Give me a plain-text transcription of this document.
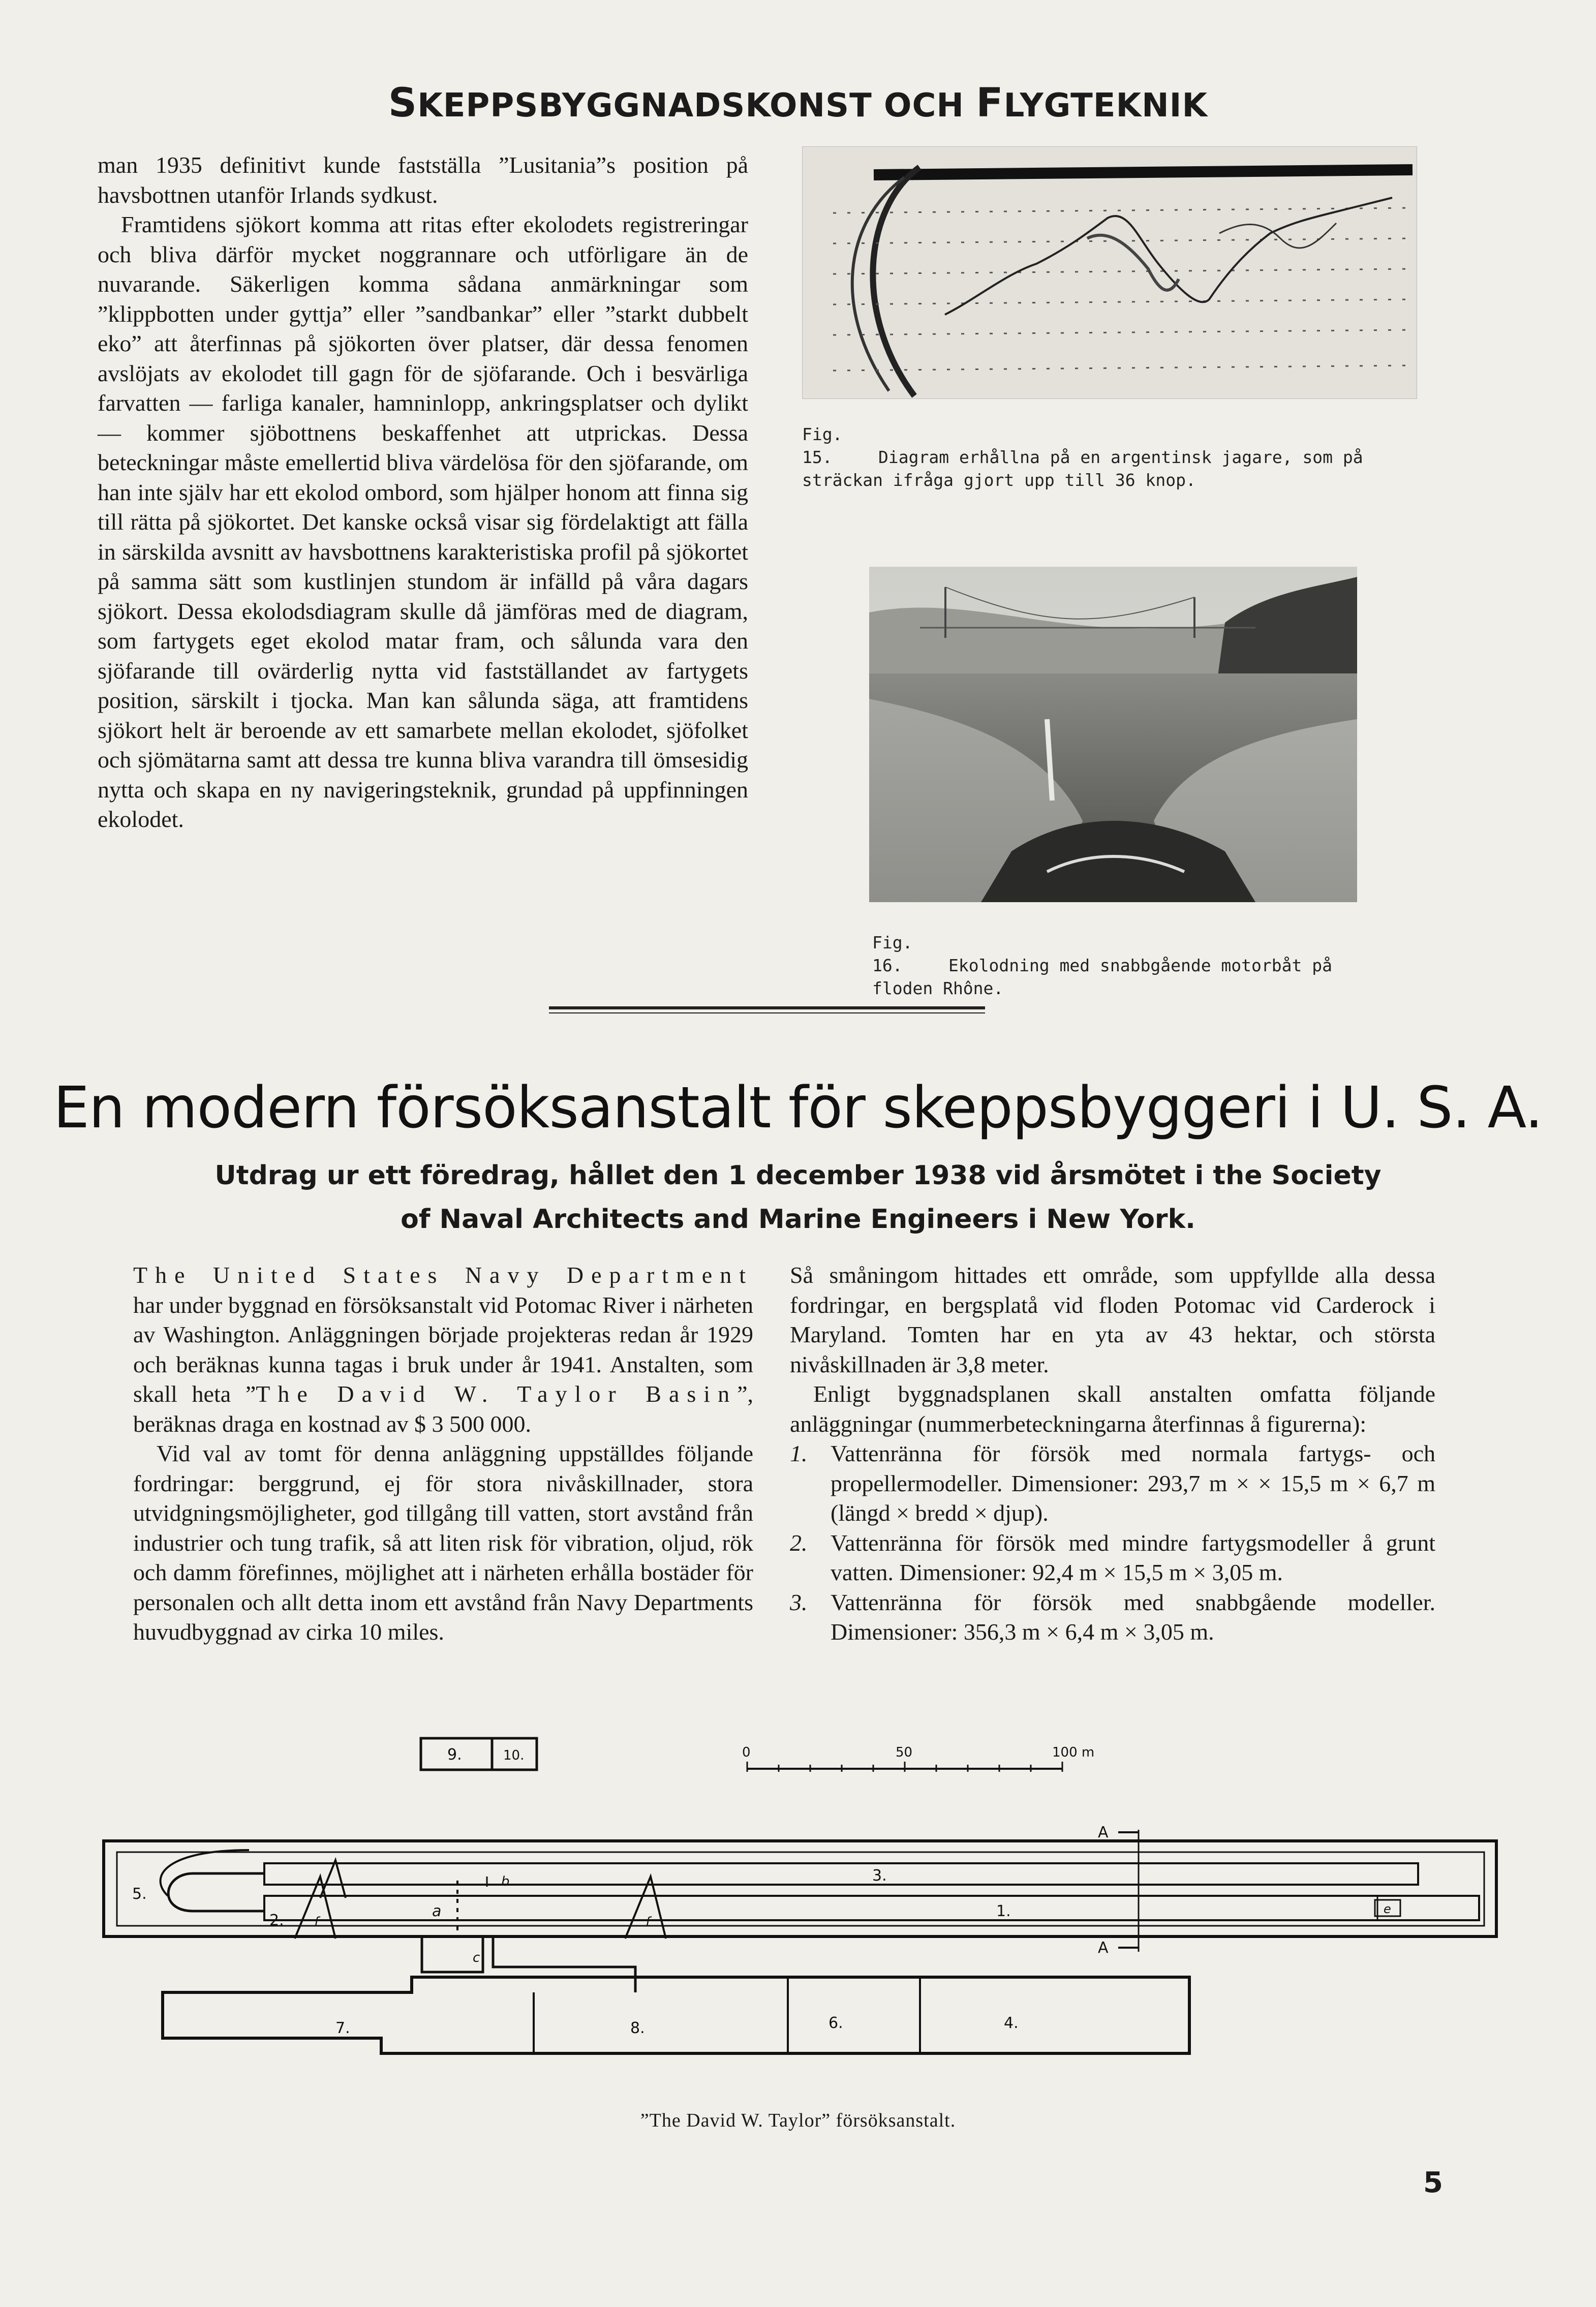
SKEPPSBYGGNADSKONST OCH FLYGTEKNIK

man 1935 definitivt kunde fastställa ”Lusitania”s position på havsbottnen utanför Irlands sydkust.

Framtidens sjökort komma att ritas efter ekolodets registreringar och bliva därför mycket noggrannare och utförligare än de nuvarande. Säkerligen komma sådana anmärkningar som ”klippbotten under gyttja” eller ”sandbankar” eller ”starkt dubbelt eko” att återfinnas på sjökorten över platser, där dessa fenomen avslöjats av ekolodet till gagn för de sjöfarande. Och i besvärliga farvatten — farliga kanaler, hamninlopp, ankringsplatser och dylikt — kommer sjöbottnens beskaffenhet att utprickas. Dessa beteckningar måste emellertid bliva värdelösa för den sjöfarande, om han inte själv har ett ekolod ombord, som hjälper honom att finna sig till rätta på sjökortet. Det kanske också visar sig fördelaktigt att fälla in särskilda avsnitt av havsbottnens karakteristiska profil på sjökortet på samma sätt som kustlinjen stundom är infälld på våra dagars sjökort. Dessa ekolodsdiagram skulle då jämföras med de diagram, som fartygets eget ekolod matar fram, och sålunda vara den sjöfarande till ovärderlig nytta vid fastställandet av fartygets position, särskilt i tjocka. Man kan sålunda säga, att framtidens sjökort helt är beroende av ett samarbete mellan ekolodet, sjöfolket och sjömätarna samt att dessa tre kunna bliva varandra till ömsesidig nytta och skapa en ny navigeringsteknik, grundad på uppfinningen ekolodet.

Fig. 15.	Diagram erhållna på en argentinsk jagare, som på sträckan ifråga gjort upp till 36 knop.
Fig. 16.	Ekolodning med snabbgående motorbåt på floden Rhône.
En modern försöksanstalt för skeppsbyggeri i U. S. A.
Utdrag ur ett föredrag, hållet den 1 december 1938 vid årsmötet i the Society
of Naval Architects and Marine Engineers i New York.

The United States Navy Department har under byggnad en försöksanstalt vid Potomac River i närheten av Washington. Anläggningen började projekteras redan år 1929 och beräknas kunna tagas i bruk under år 1941. Anstalten, som skall heta ”The David W. Taylor Basin”, beräknas draga en kostnad av $ 3 500 000.

Vid val av tomt för denna anläggning uppställdes följande fordringar: berggrund, ej för stora nivåskillnader, stora utvidgningsmöjligheter, god tillgång till vatten, stort avstånd från industrier och tung trafik, så att liten risk för vibration, oljud, rök och damm förefinnes, möjlighet att i närheten erhålla bostäder för personalen och allt detta inom ett avstånd från Navy Departments huvudbyggnad av cirka 10 miles.

Så småningom hittades ett område, som uppfyllde alla dessa fordringar, en bergsplatå vid floden Potomac vid Carderock i Maryland. Tomten har en yta av 43 hektar, och största nivåskillnaden är 3,8 meter.

Enligt byggnadsplanen skall anstalten omfatta följande anläggningar (nummerbeteckningarna återfinnas å figurerna):

1. Vattenränna för försök med normala fartygs- och propellermodeller. Dimensioner: 293,7 m × × 15,5 m × 6,7 m (längd × bredd × djup).
2. Vattenränna för försök med mindre fartygsmodeller å grunt vatten. Dimensioner: 92,4 m × 15,5 m × 3,05 m.
3. Vattenränna för försök med snabbgående modeller. Dimensioner: 356,3 m × 6,4 m × 3,05 m.
9.	10.	0	50	100 m
3.
1.
2.
5.
4.
6.
7.	8.
a
b
c
e
f	f
A
A
”The David W. Taylor” försöksanstalt.
5
